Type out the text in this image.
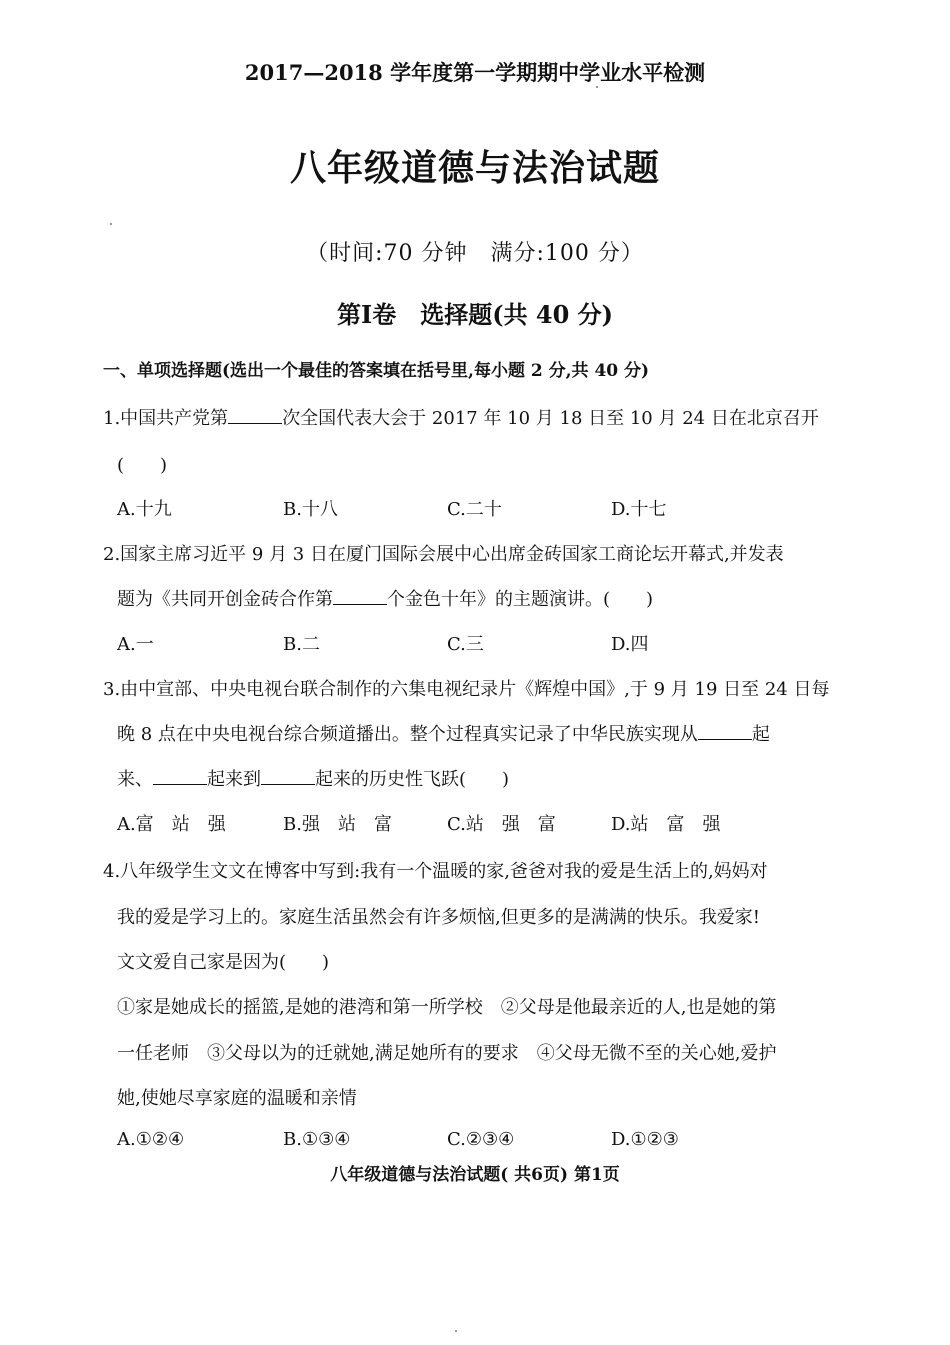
2017—2018 学年度第一学期期中学业水平检测
八年级道德与法治试题
（时间:70 分钟　满分:100 分）
第Ⅰ卷　选择题(共 40 分)
一、单项选择题(选出一个最佳的答案填在括号里,每小题 2 分,共 40 分)
1.中国共产党第	次全国代表大会于 2017 年 10 月 18 日至 10 月 24 日在北京召开
(　　)
A.十九	B.十八	C.二十	D.十七
2.国家主席习近平 9 月 3 日在厦门国际会展中心出席金砖国家工商论坛开幕式,并发表
题为《共同开创金砖合作第	个金色十年》的主题演讲。(　　)
A.一	B.二	C.三	D.四
3.由中宣部、中央电视台联合制作的六集电视纪录片《辉煌中国》,于 9 月 19 日至 24 日每
晚 8 点在中央电视台综合频道播出。整个过程真实记录了中华民族实现从	起
来、	起来到	起来的历史性飞跃(　　)
A.富　站　强	B.强　站　富	C.站　强　富	D.站　富　强
4.八年级学生文文在博客中写到:我有一个温暖的家,爸爸对我的爱是生活上的,妈妈对
我的爱是学习上的。家庭生活虽然会有许多烦恼,但更多的是满满的快乐。我爱家!
文文爱自己家是因为(　　)
①家是她成长的摇篮,是她的港湾和第一所学校　②父母是他最亲近的人,也是她的第
一任老师　③父母以为的迁就她,满足她所有的要求　④父母无微不至的关心她,爱护
她,使她尽享家庭的温暖和亲情
A.①②④	B.①③④	C.②③④	D.①②③
八年级道德与法治试题( 共6页) 第1页
